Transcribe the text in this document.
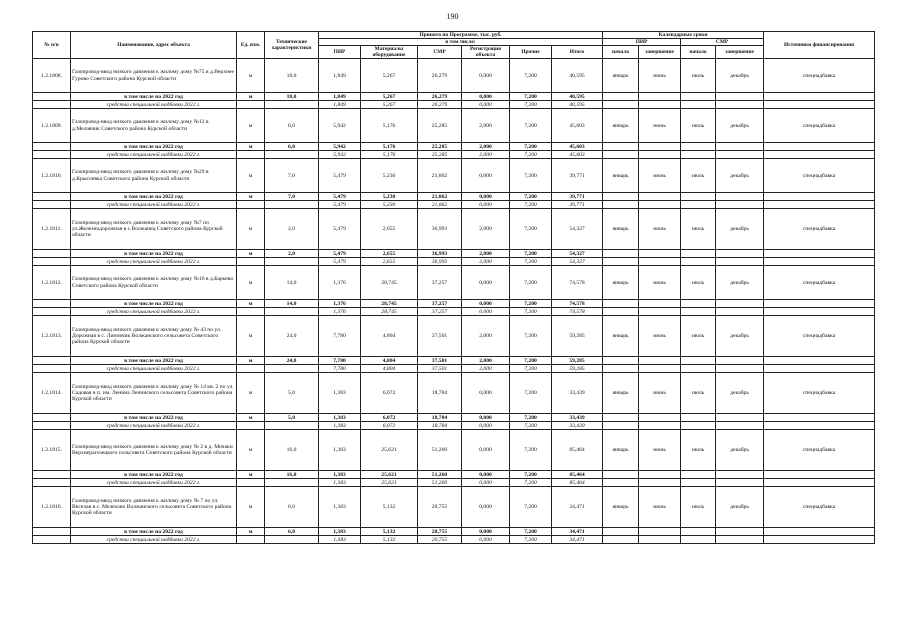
190
№ п/п	Наименование, адрес объекта	Ед. изм.	Технические характеристики	Принято по Программе, тыс. руб.						Календарные сроки				Источники финансирования
				в том числе:						ПИР		СМР		
				ПИР	Материалы оборудование	СМР	Регистрация объекта	Прочие	Итого	начало	завершение	начало	завершение	
1.2.1808.	Газопровод-ввод низкого давления к жилому дому №75 в д.Верхнее Гурово Советского района Курской области	м	18,0	1,849	5,267	26,279	0,000	7,200	40,595	январь	июнь	июль	декабрь	спецнадбавка
	в том числе на 2022 год	м	18,0	1,849	5,267	26,279	0,000	7,200	40,595					
	средства специальной надбавки 2022 г.			1,849	5,267	26,279	0,000	7,200	40,595					
1.2.1809.	Газопровод-ввод низкого давления к жилому дому №12 в д.Мелавчик Советского района Курской области	м	6,0	5,942	5,176	25,285	2,000	7,200	45,603	январь	июнь	июль	декабрь	спецнадбавка
	в том числе на 2022 год	м	6,0	5,942	5,176	25,285	2,000	7,200	45,603					
	средства специальной надбавки 2022 г.			5,942	5,176	25,285	2,000	7,200	45,603					
1.2.1810.	Газопровод-ввод низкого давления к жилому дому №29 в д.Крысоевка Советского района Курской области	м	7,0	5,479	5,230	21,862	0,000	7,200	39,771	январь	июнь	июль	декабрь	спецнадбавка
	в том числе на 2022 год	м	7,0	5,479	5,230	21,862	0,000	7,200	39,771					
	средства специальной надбавки 2022 г.			5,479	5,230	21,862	0,000	7,200	39,771					
1.2.1811.	Газопровод-ввод низкого давления к жилому дому №7 по ул.Железнодорожная в с.Волжанец Советского района Курской области	м	2,0	5,479	2,655	36,993	2,000	7,200	54,327	январь	июнь	июль	декабрь	спецнадбавка
	в том числе на 2022 год	м	2,0	5,479	2,655	36,993	2,000	7,200	54,327					
	средства специальной надбавки 2022 г.			5,479	2,655	36,993	2,000	7,200	54,327					
1.2.1812.	Газопровод-ввод низкого давления к жилому дому №16 в д.Баркево Советского района Курской области	м	14,0	1,376	28,745	37,257	0,000	7,200	74,578	январь	июнь	июль	декабрь	спецнадбавка
	в том числе на 2022 год	м	14,0	1,376	28,745	37,257	0,000	7,200	74,578					
	средства специальной надбавки 2022 г.			1,376	28,745	37,257	0,000	7,200	74,578					
1.2.1813.	Газопровод-ввод низкого давления к жилому дому № 43 по ул. Дорожная в с. Липовчик Волжанского сельсовета Советского района Курской области	м	24,0	7,780	4,804	37,501	2,000	7,200	59,285	январь	июнь	июль	декабрь	спецнадбавка
	в том числе на 2022 год	м	24,0	7,780	4,804	37,501	2,000	7,200	59,285					
	средства специальной надбавки 2022 г.			7,780	4,804	37,501	2,000	7,200	59,285					
1.2.1814.	Газопровод-ввод низкого давления к жилому дому № 14 кв. 2 по ул. Садовая в п. им. Ленина Ленинского сельсовета Советского района Курской области	м	5,0	1,383	6,072	18,784	0,000	7,200	33,439	январь	июнь	июль	декабрь	спецнадбавка
	в том числе на 2022 год	м	5,0	1,383	6,072	18,784	0,000	7,200	33,439					
	средства специальной надбавки 2022 г.			1,383	6,072	18,784	0,000	7,200	33,439					
1.2.1815.	Газопровод-ввод низкого давления к жилому дому № 2 в д. Мочаки Верхнерагозецкого сельсовета Советского района Курской области	м	16,0	1,383	25,621	51,260	0,000	7,200	85,464	январь	июнь	июль	декабрь	спецнадбавка
	в том числе на 2022 год	м	16,0	1,383	25,621	51,260	0,000	7,200	85,464					
	средства специальной надбавки 2022 г.			1,383	25,621	51,260	0,000	7,200	85,464					
1.2.1816.	Газопровод-ввод низкого давления к жилому дому № 7 по ул. Веселая в с. Мелехово Волжанского сельсовета Советского района Курской области	м	6,0	1,383	5,132	20,755	0,000	7,200	34,471	январь	июнь	июль	декабрь	спецнадбавка
	в том числе на 2022 год	м	6,0	1,383	5,132	20,755	0,000	7,200	34,471					
	средства специальной надбавки 2022 г.			1,383	5,132	20,755	0,000	7,200	34,471					
